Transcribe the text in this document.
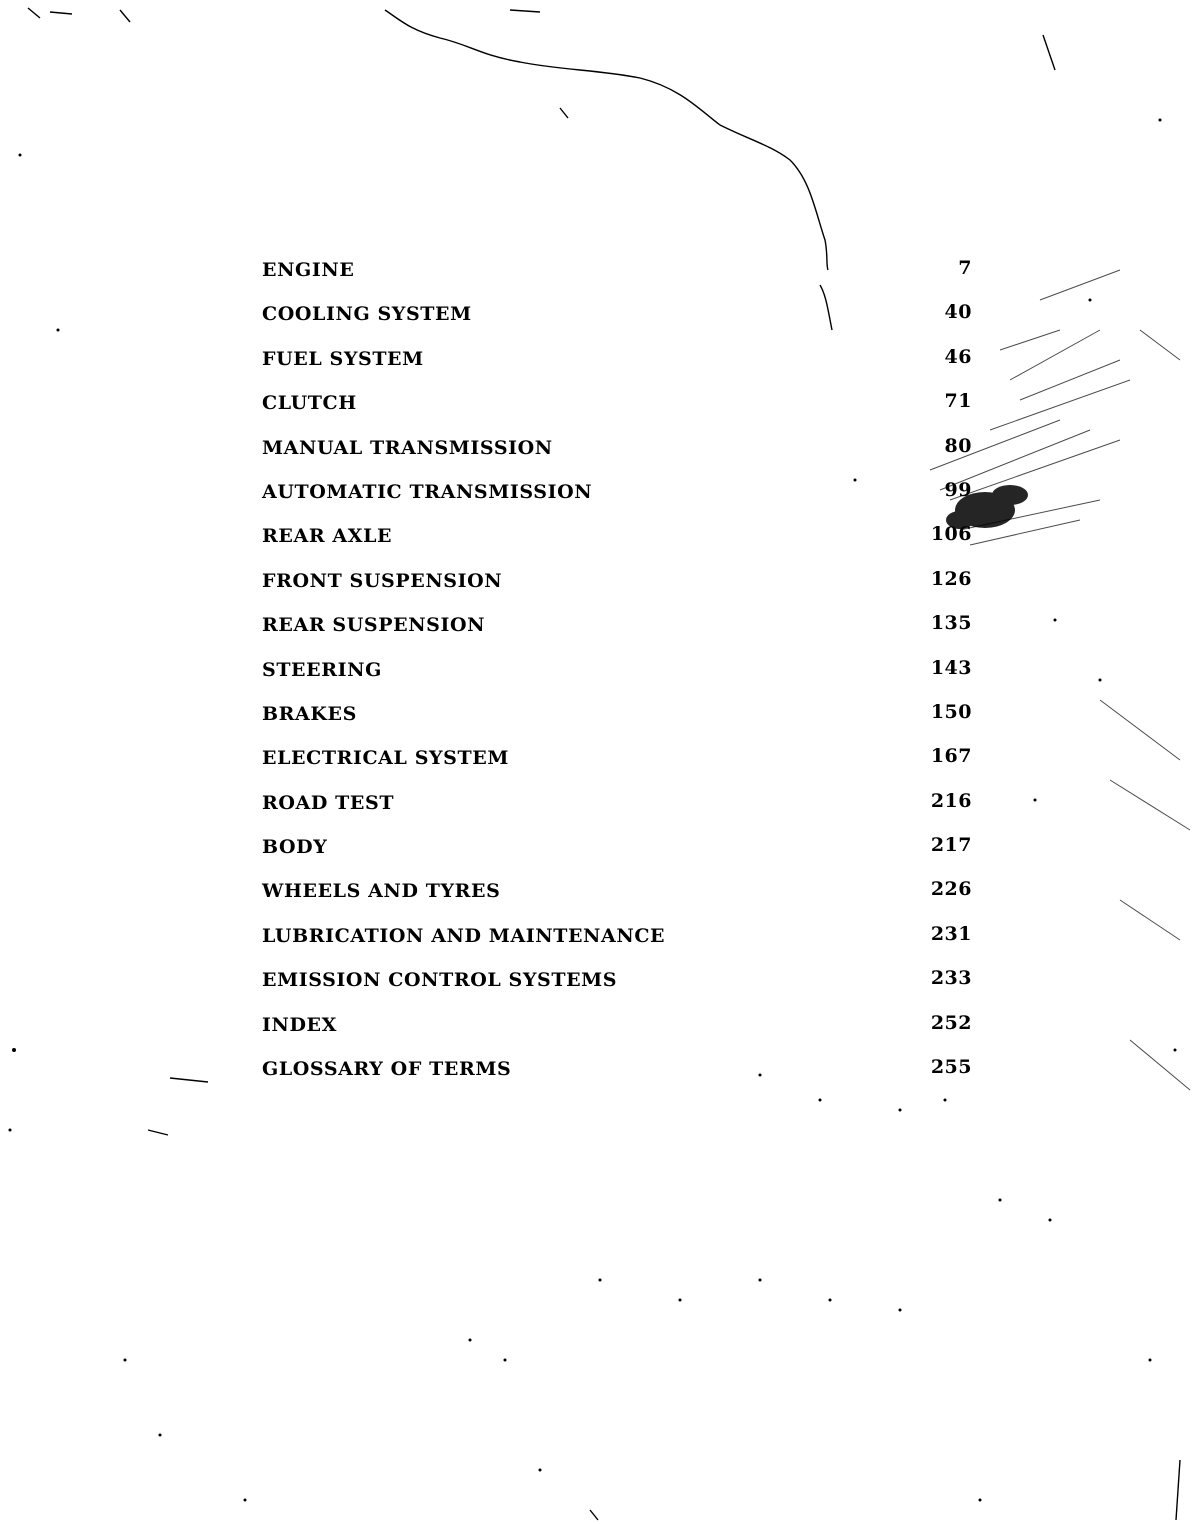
ENGINE	7
COOLING SYSTEM	40
FUEL SYSTEM	46
CLUTCH	71
MANUAL TRANSMISSION	80
AUTOMATIC TRANSMISSION	99
REAR AXLE	106
FRONT SUSPENSION	126
REAR SUSPENSION	135
STEERING	143
BRAKES	150
ELECTRICAL SYSTEM	167
ROAD TEST	216
BODY	217
WHEELS AND TYRES	226
LUBRICATION AND MAINTENANCE	231
EMISSION CONTROL SYSTEMS	233
INDEX	252
GLOSSARY OF TERMS	255
